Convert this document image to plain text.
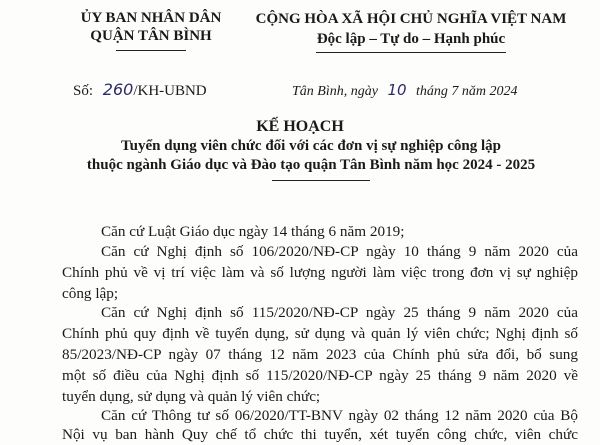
ỦY BAN NHÂN DÂN
QUẬN TÂN BÌNH
Số: 260/KH-UBND
CỘNG HÒA XÃ HỘI CHỦ NGHĨA VIỆT NAM
Độc lập – Tự do – Hạnh phúc
Tân Bình, ngày 10 tháng 7 năm 2024
KẾ HOẠCH
Tuyển dụng viên chức đối với các đơn vị sự nghiệp công lập
thuộc ngành Giáo dục và Đào tạo quận Tân Bình năm học 2024 - 2025
Căn cứ Luật Giáo dục ngày 14 tháng 6 năm 2019;
Căn cứ Nghị định số 106/2020/NĐ-CP ngày 10 tháng 9 năm 2020 của
Chính phủ về vị trí việc làm và số lượng người làm việc trong đơn vị sự nghiệp
công lập;
Căn cứ Nghị định số 115/2020/NĐ-CP ngày 25 tháng 9 năm 2020 của
Chính phủ quy định về tuyển dụng, sử dụng và quản lý viên chức; Nghị định số
85/2023/NĐ-CP ngày 07 tháng 12 năm 2023 của Chính phủ sửa đổi, bổ sung
một số điều của Nghị định số 115/2020/NĐ-CP ngày 25 tháng 9 năm 2020 về
tuyển dụng, sử dụng và quản lý viên chức;
Căn cứ Thông tư số 06/2020/TT-BNV ngày 02 tháng 12 năm 2020 của Bộ
Nội vụ ban hành Quy chế tổ chức thi tuyển, xét tuyển công chức, viên chức
